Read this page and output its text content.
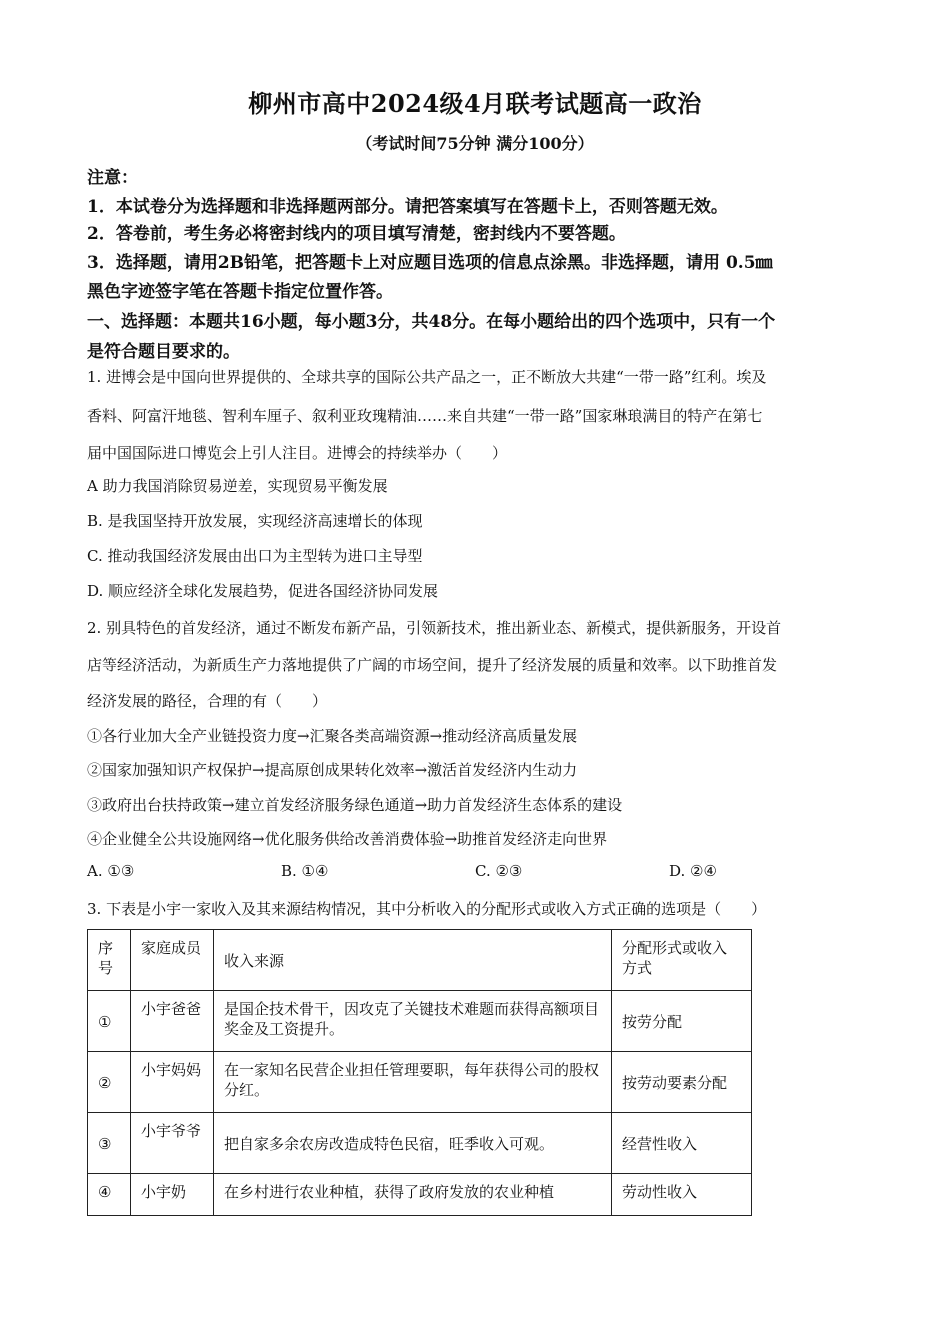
柳州市高中2024级4月联考试题高一政治
（考试时间75分钟 满分100分）
注意：
1．本试卷分为选择题和非选择题两部分。请把答案填写在答题卡上，否则答题无效。
2．答卷前，考生务必将密封线内的项目填写清楚，密封线内不要答题。
3．选择题，请用2B铅笔，把答题卡上对应题目选项的信息点涂黑。非选择题，请用 0.5㎜
黑色字迹签字笔在答题卡指定位置作答。
一、选择题：本题共16小题，每小题3分，共48分。在每小题给出的四个选项中，只有一个
是符合题目要求的。
1. 进博会是中国向世界提供的、全球共享的国际公共产品之一，正不断放大共建“一带一路”红利。埃及
香料、阿富汗地毯、智利车厘子、叙利亚玫瑰精油……来自共建“一带一路”国家琳琅满目的特产在第七
届中国国际进口博览会上引人注目。进博会的持续举办（　　）
A 助力我国消除贸易逆差，实现贸易平衡发展
B. 是我国坚持开放发展，实现经济高速增长的体现
C. 推动我国经济发展由出口为主型转为进口主导型
D. 顺应经济全球化发展趋势，促进各国经济协同发展
2. 别具特色的首发经济，通过不断发布新产品，引领新技术，推出新业态、新模式，提供新服务，开设首
店等经济活动，为新质生产力落地提供了广阔的市场空间，提升了经济发展的质量和效率。以下助推首发
经济发展的路径，合理的有（　　）
①各行业加大全产业链投资力度→汇聚各类高端资源→推动经济高质量发展
②国家加强知识产权保护→提高原创成果转化效率→激活首发经济内生动力
③政府出台扶持政策→建立首发经济服务绿色通道→助力首发经济生态体系的建设
④企业健全公共设施网络→优化服务供给改善消费体验→助推首发经济走向世界
A. ①③	B. ①④	C. ②③	D. ②④
3. 下表是小宇一家收入及其来源结构情况，其中分析收入的分配形式或收入方式正确的选项是（　　）
序号	家庭成员	收入来源	分配形式或收入方式
①	小宇爸爸	是国企技术骨干，因攻克了关键技术难题而获得高额项目奖金及工资提升。	按劳分配
②	小宇妈妈	在一家知名民营企业担任管理要职，每年获得公司的股权分红。	按劳动要素分配
③	小宇爷爷	把自家多余农房改造成特色民宿，旺季收入可观。	经营性收入
④	小宇奶	在乡村进行农业种植，获得了政府发放的农业种植	劳动性收入
